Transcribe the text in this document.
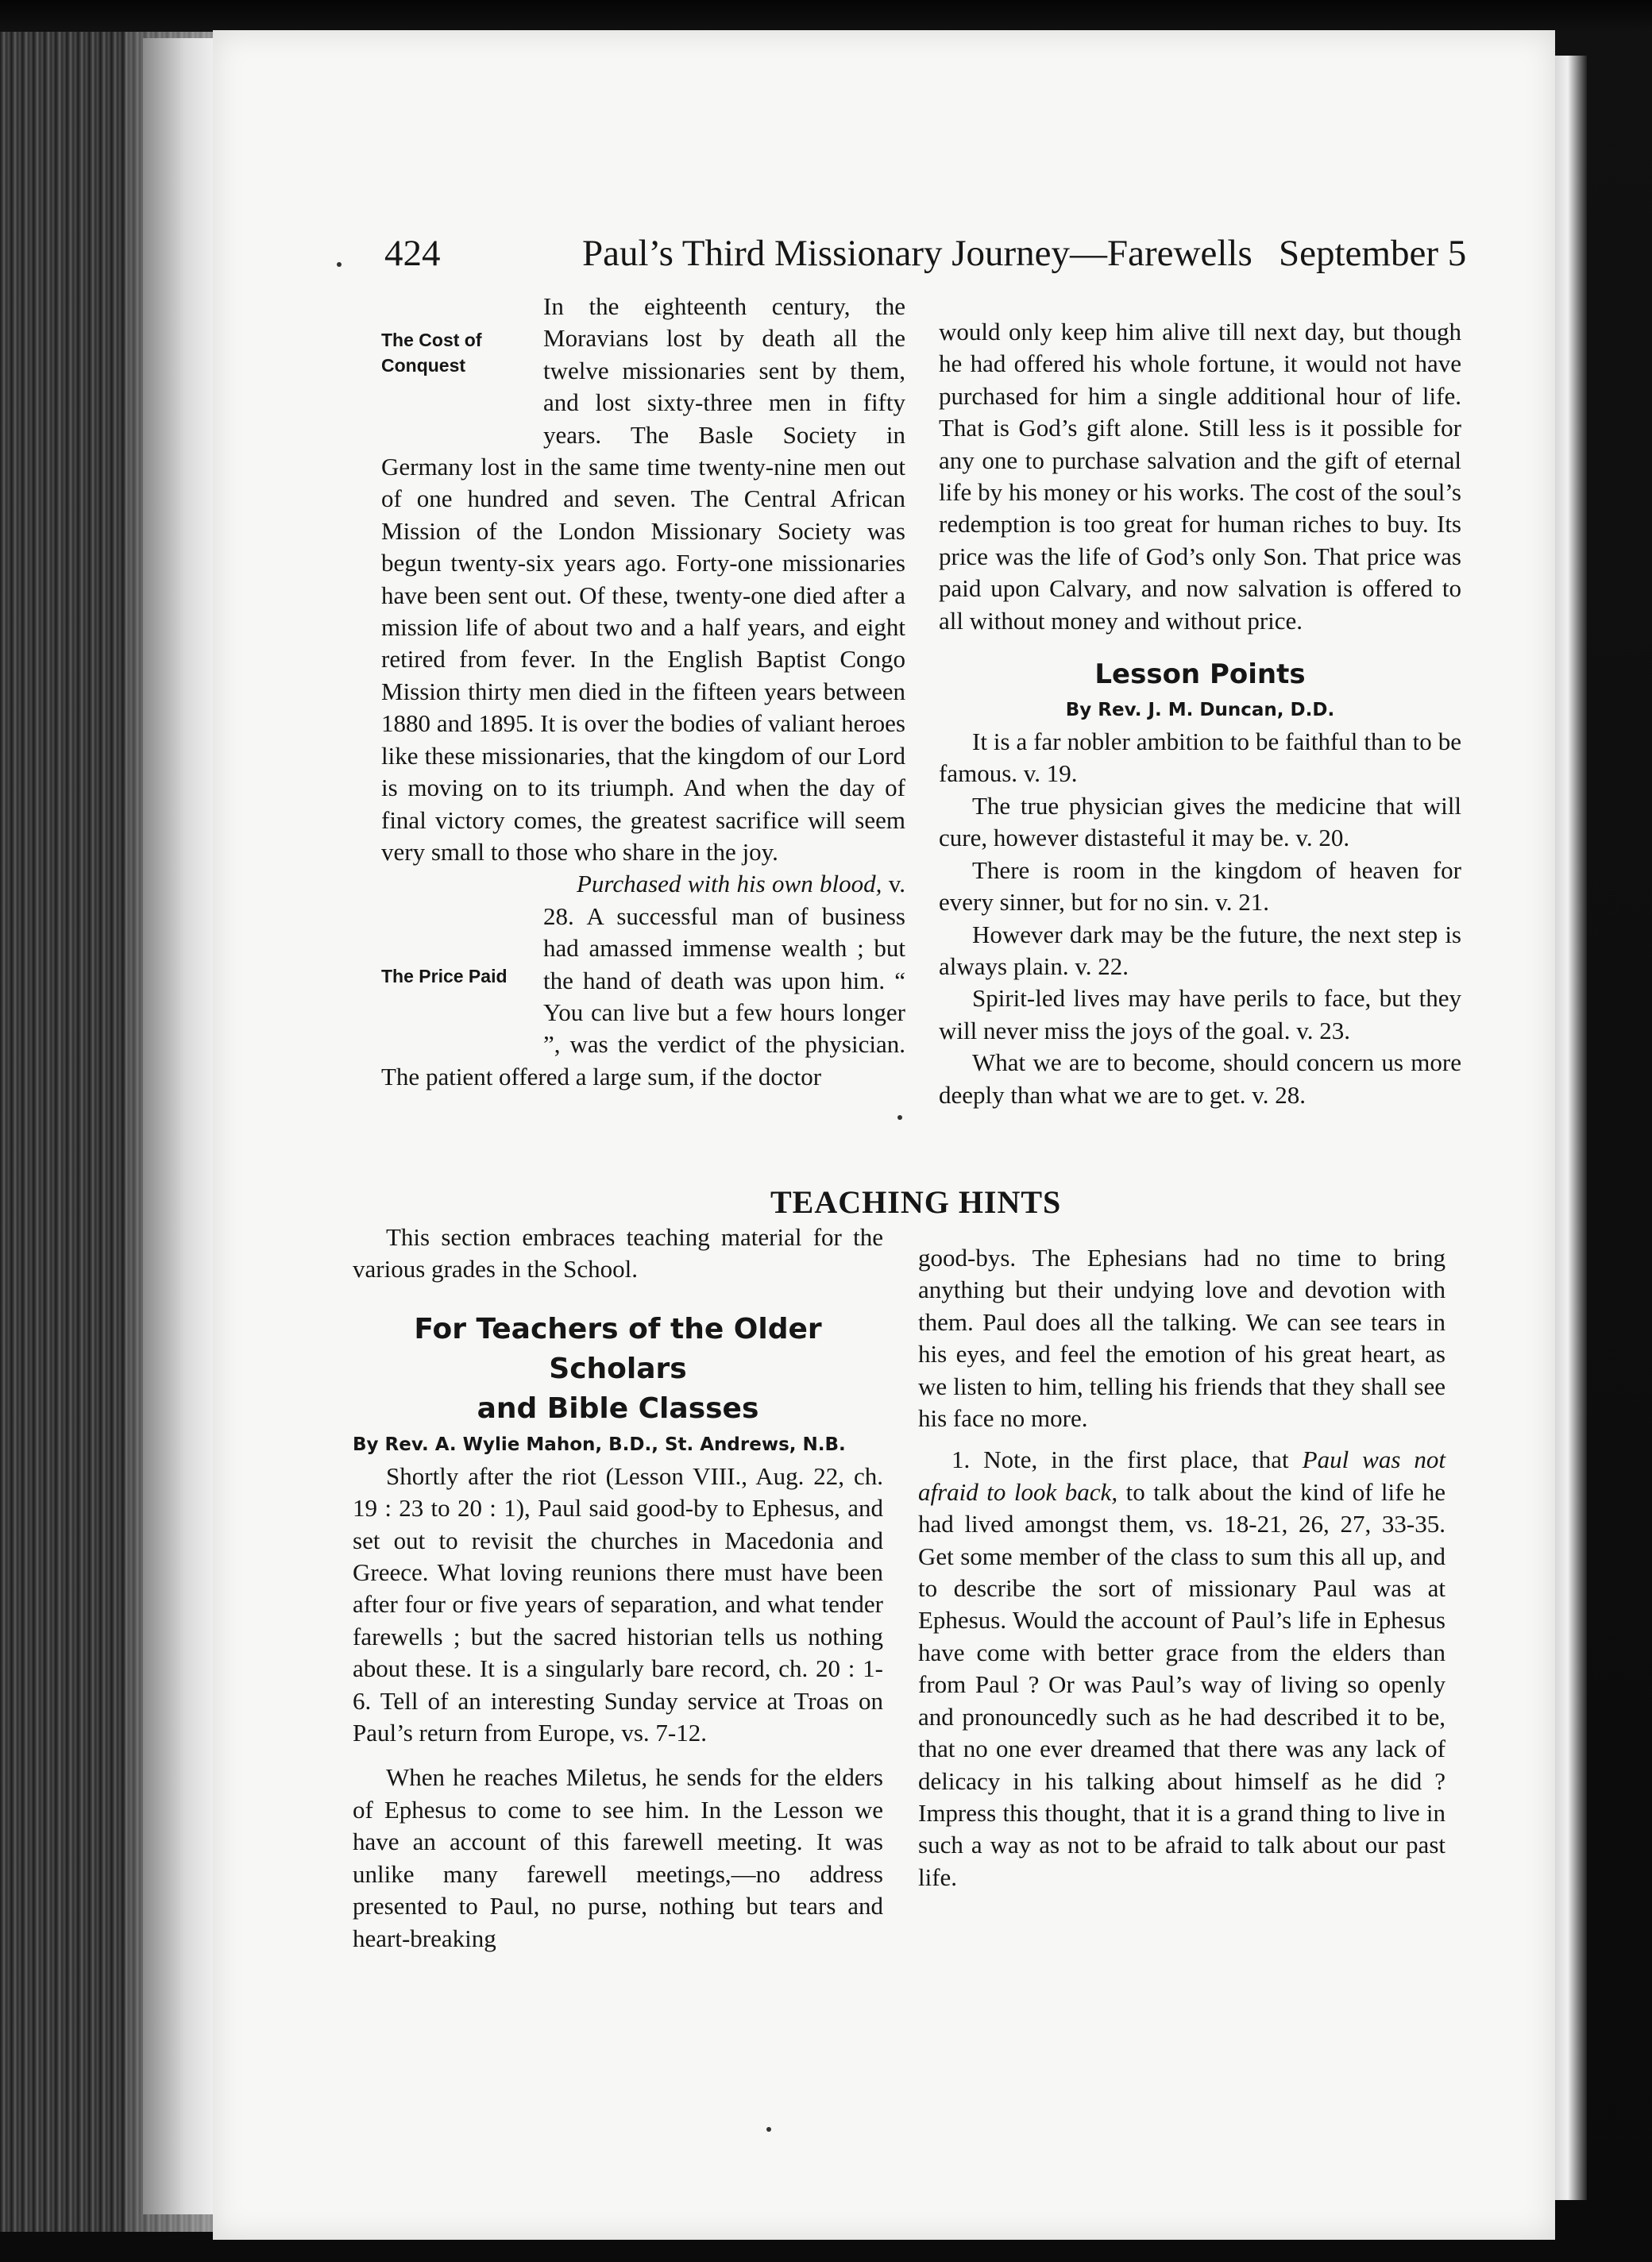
424	Paul’s Third Missionary Journey—Farewells September 5
The Cost of Conquest

In the eighteenth century, the Moravians lost by death all the twelve missionaries sent by them, and lost sixty-three men in fifty years. The Basle Society in Germany lost in the same time twenty-nine men out of one hundred and seven. The Central African Mission of the London Missionary Society was begun twenty-six years ago. Forty-one missionaries have been sent out. Of these, twenty-one died after a mission life of about two and a half years, and eight retired from fever. In the English Baptist Congo Mission thirty men died in the fifteen years between 1880 and 1895. It is over the bodies of valiant heroes like these missionaries, that the kingdom of our Lord is moving on to its triumph. And when the day of final victory comes, the greatest sacrifice will seem very small to those who share in the joy.

The Price Paid

Purchased with his own blood, v. 28. A successful man of business had amassed immense wealth ; but the hand of death was upon him. “ You can live but a few hours longer ”, was the verdict of the physician. The patient offered a large sum, if the doctor

would only keep him alive till next day, but though he had offered his whole fortune, it would not have purchased for him a single additional hour of life. That is God’s gift alone. Still less is it possible for any one to purchase salvation and the gift of eternal life by his money or his works. The cost of the soul’s redemption is too great for human riches to buy. Its price was the life of God’s only Son. That price was paid upon Calvary, and now salvation is offered to all without money and without price.

Lesson Points

By Rev. J. M. Duncan, D.D.

It is a far nobler ambition to be faithful than to be famous. v. 19.

The true physician gives the medicine that will cure, however distasteful it may be. v. 20.

There is room in the kingdom of heaven for every sinner, but for no sin. v. 21.

However dark may be the future, the next step is always plain. v. 22.

Spirit-led lives may have perils to face, but they will never miss the joys of the goal. v. 23.

What we are to become, should concern us more deeply than what we are to get. v. 28.

TEACHING HINTS

This section embraces teaching material for the various grades in the School.

For Teachers of the Older Scholars

and Bible Classes

By Rev. A. Wylie Mahon, B.D., St. Andrews, N.B.

Shortly after the riot (Lesson VIII., Aug. 22, ch. 19 : 23 to 20 : 1), Paul said good-by to Ephesus, and set out to revisit the churches in Macedonia and Greece. What loving reunions there must have been after four or five years of separation, and what tender farewells ; but the sacred historian tells us nothing about these. It is a singularly bare record, ch. 20 : 1-6. Tell of an interesting Sunday service at Troas on Paul’s return from Europe, vs. 7-12.

When he reaches Miletus, he sends for the elders of Ephesus to come to see him. In the Lesson we have an account of this farewell meeting. It was unlike many farewell meetings,—no address presented to Paul, no purse, nothing but tears and heart-breaking

good-bys. The Ephesians had no time to bring anything but their undying love and devotion with them. Paul does all the talking. We can see tears in his eyes, and feel the emotion of his great heart, as we listen to him, telling his friends that they shall see his face no more.

1. Note, in the first place, that Paul was not afraid to look back, to talk about the kind of life he had lived amongst them, vs. 18-21, 26, 27, 33-35. Get some member of the class to sum this all up, and to describe the sort of missionary Paul was at Ephesus. Would the account of Paul’s life in Ephesus have come with better grace from the elders than from Paul ? Or was Paul’s way of living so openly and pronouncedly such as he had described it to be, that no one ever dreamed that there was any lack of delicacy in his talking about himself as he did ? Impress this thought, that it is a grand thing to live in such a way as not to be afraid to talk about our past life.
